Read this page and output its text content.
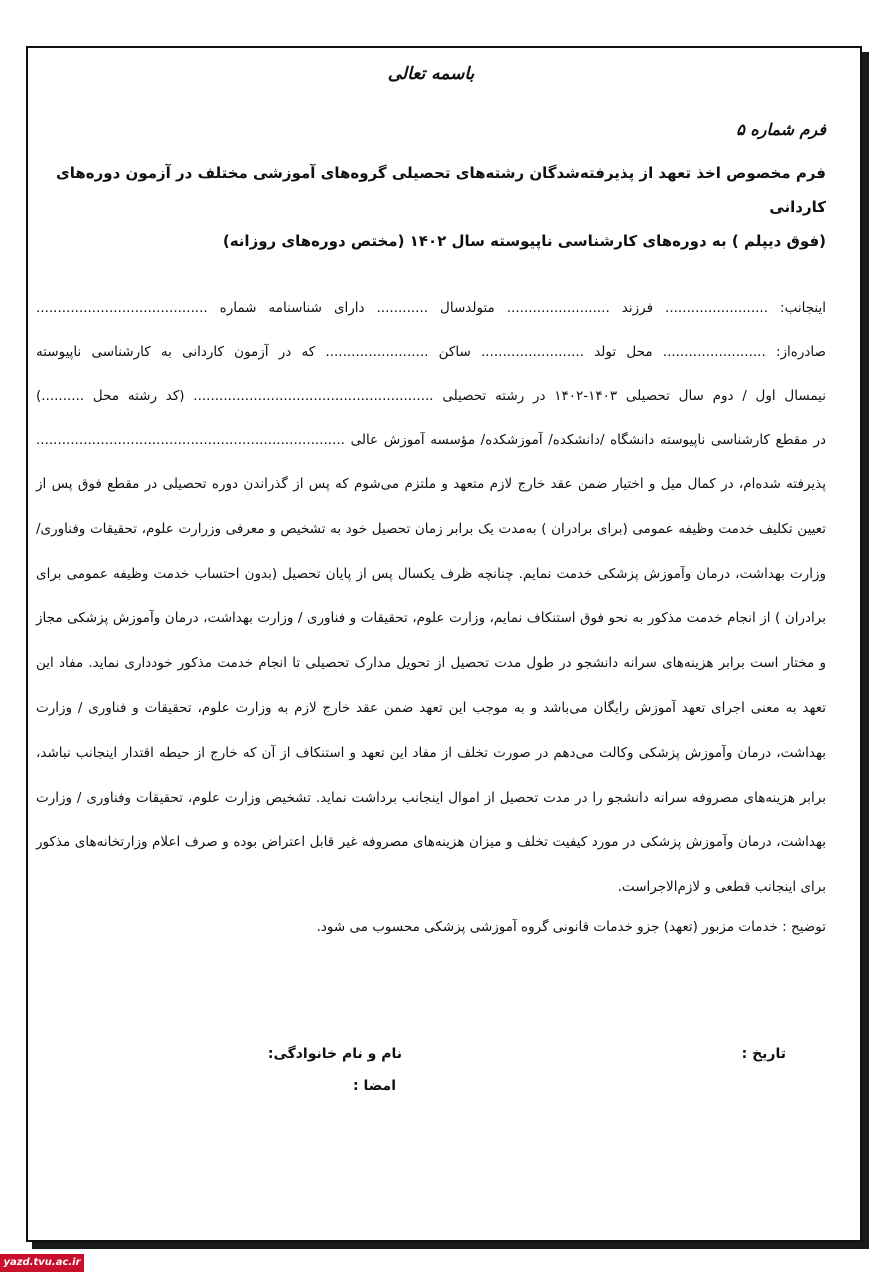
باسمه تعالی
فرم شماره ۵
فرم مخصوص اخذ تعهد از پذیرفته‌شدگان رشته‌های تحصیلی گروه‌های آموزشی مختلف در آزمون دوره‌های کاردانی
(فوق دیپلم ) به دوره‌های کارشناسی ناپیوسته سال ۱۴۰۲ (مختص دوره‌های روزانه)
اینجانب: ........................ فرزند ........................ متولدسال ............ دارای شناسنامه شماره ........................................
صادره‌از: ........................ محل تولد ........................ ساکن ........................ که در آزمون کاردانی به کارشناسی ناپیوسته
نیمسال اول / دوم سال تحصیلی ۱۴۰۳-۱۴۰۲ در رشته تحصیلی ........................................................ (کد رشته محل ..........)
در مقطع کارشناسی ناپیوسته دانشگاه /دانشکده/ آموزشکده/ مؤسسه آموزش عالی ........................................................................
پذیرفته شده‌ام، در کمال میل و اختیار ضمن عقد خارج لازم متعهد و ملتزم می‌شوم که پس از گذراندن دوره تحصیلی در مقطع فوق پس از تعیین تکلیف خدمت وظیفه عمومی (برای برادران ) به‌مدت یک برابر زمان تحصیل خود به تشخیص و معرفی وزرارت علوم، تحقیقات وفناوری/ وزارت بهداشت، درمان وآموزش پزشکی خدمت نمایم. چنانچه ظرف یکسال پس از پایان تحصیل (بدون احتساب خدمت وظیفه عمومی برای برادران ) از انجام خدمت مذکور به نحو فوق استنکاف نمایم، وزارت علوم، تحقیقات و فناوری / وزارت بهداشت، درمان وآموزش پزشکی مجاز و مختار است برابر هزینه‌های سرانه دانشجو در طول مدت تحصیل از تحویل مدارک تحصیلی تا انجام خدمت مذکور خودداری نماید. مفاد این تعهد به معنی اجرای تعهد آموزش رایگان می‌باشد و به موجب این تعهد ضمن عقد خارج لازم به وزارت علوم، تحقیقات و فناوری / وزارت بهداشت، درمان وآموزش پزشکی وکالت می‌دهم در صورت تخلف از مفاد این تعهد و استنکاف از آن که خارج از حیطه اقتدار اینجانب نباشد، برابر هزینه‌های مصروفه سرانه دانشجو را در مدت تحصیل از اموال اینجانب برداشت نماید. تشخیص وزارت علوم، تحقیقات وفناوری / وزارت بهداشت، درمان وآموزش پزشکی در مورد کیفیت تخلف و میزان هزینه‌های مصروفه غیر قابل اعتراض بوده و صرف اعلام وزارتخانه‌های مذکور برای اینجانب قطعی و لازم‌الاجراست.
توضیح : خدمات مزبور (تعهد) جزو خدمات قانونی گروه آموزشی پزشکی محسوب می شود.
نام و نام خانوادگی:	تاریخ :
امضا :
yazd.tvu.ac.ir
